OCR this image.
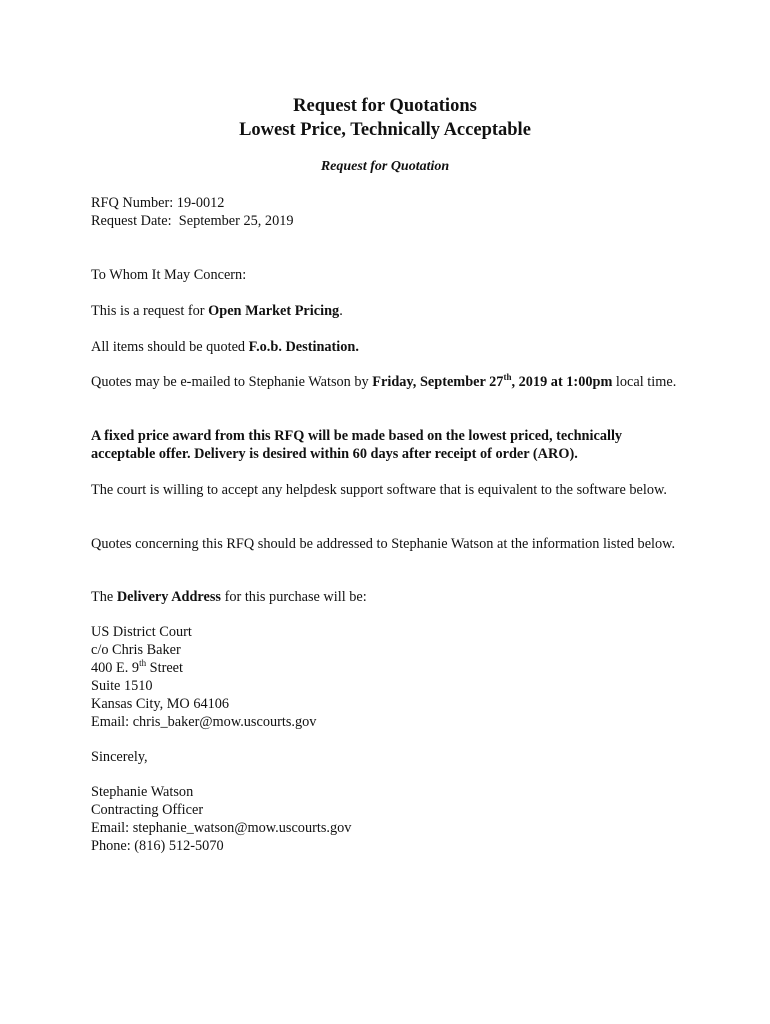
Request for Quotations
Lowest Price, Technically Acceptable
Request for Quotation
RFQ Number: 19-0012
Request Date: September 25, 2019
To Whom It May Concern:
This is a request for Open Market Pricing.
All items should be quoted F.o.b. Destination.
Quotes may be e-mailed to Stephanie Watson by Friday, September 27th, 2019 at 1:00pm local time.
A fixed price award from this RFQ will be made based on the lowest priced, technically acceptable offer. Delivery is desired within 60 days after receipt of order (ARO).
The court is willing to accept any helpdesk support software that is equivalent to the software below.
Quotes concerning this RFQ should be addressed to Stephanie Watson at the information listed below.
The Delivery Address for this purchase will be:
US District Court
c/o Chris Baker
400 E. 9th Street
Suite 1510
Kansas City, MO 64106
Email: chris_baker@mow.uscourts.gov
Sincerely,
Stephanie Watson
Contracting Officer
Email: stephanie_watson@mow.uscourts.gov
Phone: (816) 512-5070
